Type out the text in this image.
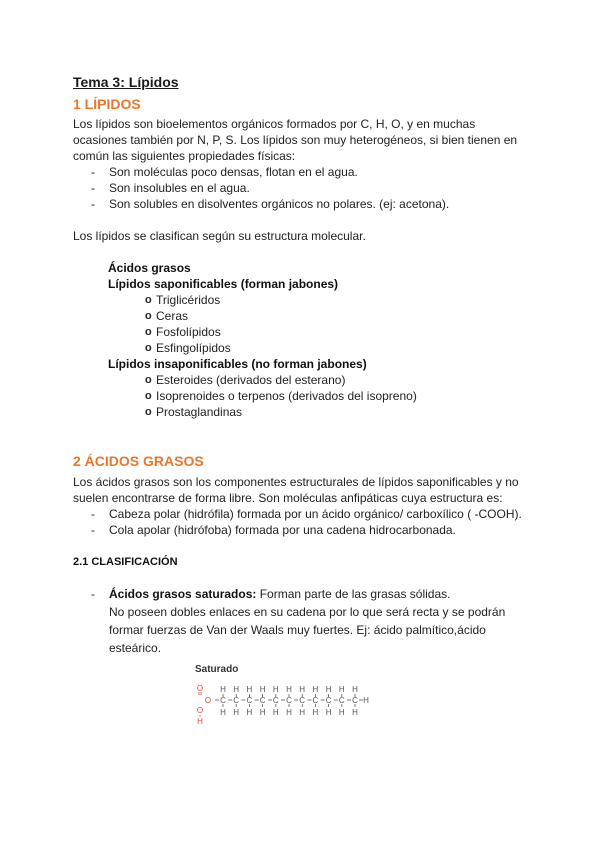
Tema 3: Lípidos
1 LÍPIDOS
Los lípidos son bioelementos orgánicos formados por C, H, O, y en muchas
ocasiones también por N, P, S. Los lípidos son muy heterogéneos, si bien tienen en
común las siguientes propiedades físicas:
- Son moléculas poco densas, flotan en el agua.
- Son insolubles en el agua.
- Son solubles en disolventes orgánicos no polares. (ej: acetona).
Los lípidos se clasifican según su estructura molecular.
Ácidos grasos
Lípidos saponificables (forman jabones)
o Triglicéridos
o Ceras
o Fosfolípidos
o Esfingolípidos
Lípidos insaponificables (no forman jabones)
o Esteroides (derivados del esterano)
o Isoprenoides o terpenos (derivados del isopreno)
o Prostaglandinas
2 ÁCIDOS GRASOS
Los ácidos grasos son los componentes estructurales de lípidos saponificables y no
suelen encontrarse de forma libre. Son moléculas anfipáticas cuya estructura es:
- Cabeza polar (hidrófila) formada por un ácido orgánico/ carboxílico ( -COOH).
- Cola apolar (hidrófoba) formada por una cadena hidrocarbonada.
2.1 CLASIFICACIÓN
- Ácidos grasos saturados: Forman parte de las grasas sólidas.
No poseen dobles enlaces en su cadena por lo que será recta y se podrán
formar fuerzas de Van der Waals muy fuertes. Ej: ácido palmítico,ácido
esteárico.
Saturado
O
O
H
O C
H
H
C
H
H
C
H
H
C
H
H
C
H
H
C
H
H
C
H
H
C
H
H
C
H
H
C
H
H
C
H
H
H
